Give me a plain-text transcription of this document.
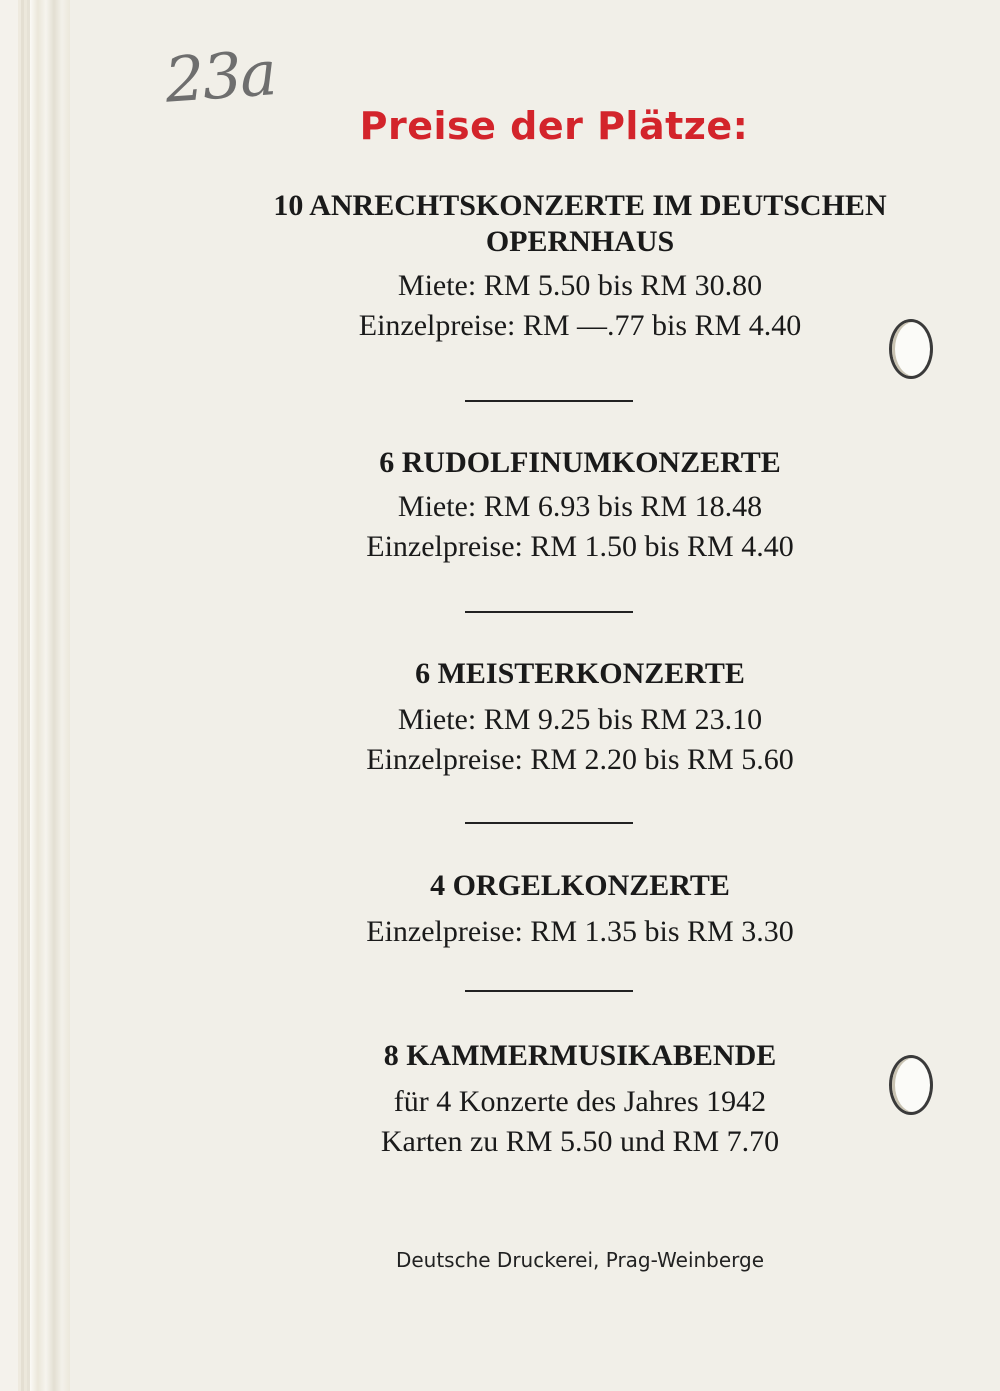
23a
Preise der Plätze:

10 ANRECHTSKONZERTE IM DEUTSCHEN

OPERNHAUS

Miete: RM 5.50 bis RM 30.80

Einzelpreise: RM —.77 bis RM 4.40

6 RUDOLFINUMKONZERTE

Miete: RM 6.93 bis RM 18.48

Einzelpreise: RM 1.50 bis RM 4.40

6 MEISTERKONZERTE

Miete: RM 9.25 bis RM 23.10

Einzelpreise: RM 2.20 bis RM 5.60

4 ORGELKONZERTE

Einzelpreise: RM 1.35 bis RM 3.30

8 KAMMERMUSIKABENDE

für 4 Konzerte des Jahres 1942

Karten zu RM 5.50 und RM 7.70

Deutsche Druckerei, Prag-Weinberge
